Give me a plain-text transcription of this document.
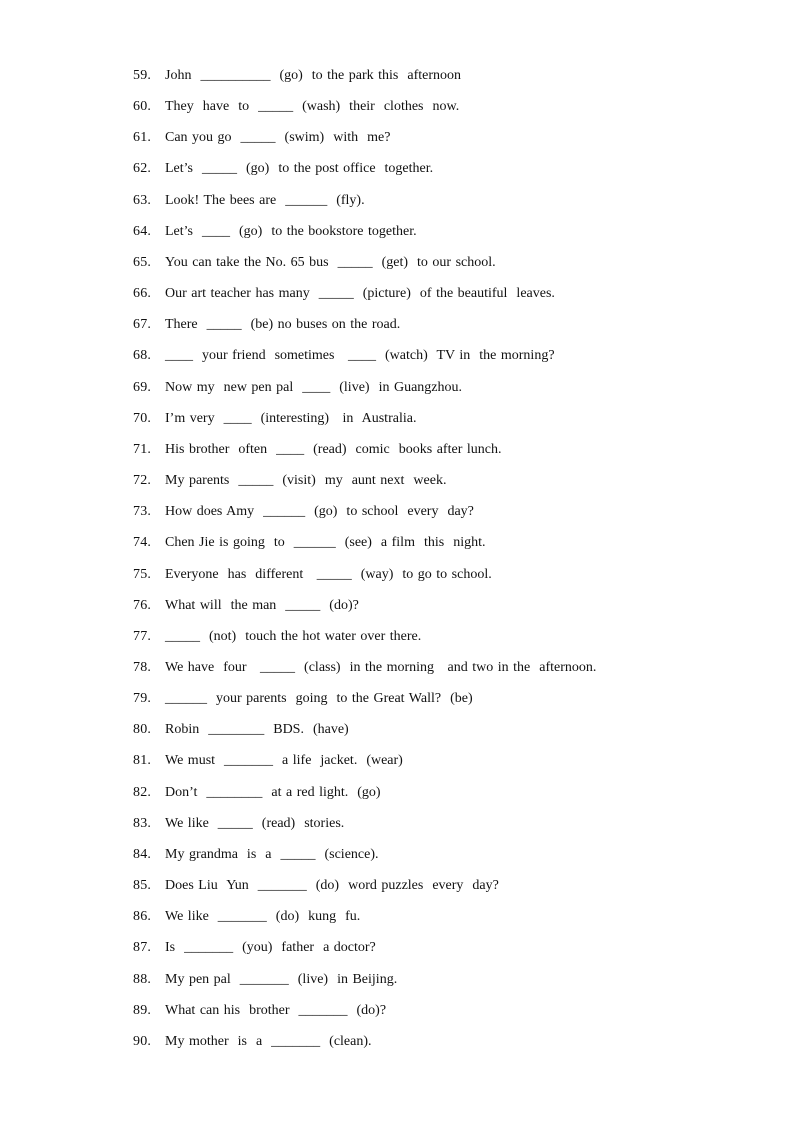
59. John  __________  (go)  to the park this  afternoon
60. They  have  to  _____  (wash)  their  clothes  now.
61. Can you go  _____  (swim)  with  me?
62. Let’s  _____  (go)  to the post office  together.
63. Look! The bees are  ______  (fly).
64. Let’s  ____  (go)  to the bookstore together.
65. You can take the No. 65 bus  _____  (get)  to our school.
66. Our art teacher has many  _____  (picture)  of the beautiful  leaves.
67. There  _____  (be) no buses on the road.
68. ____  your friend  sometimes   ____  (watch)  TV in  the morning?
69. Now my  new pen pal  ____  (live)  in Guangzhou.
70. I’m very  ____  (interesting)   in  Australia.
71. His brother  often  ____  (read)  comic  books after lunch.
72. My parents  _____  (visit)  my  aunt next  week.
73. How does Amy  ______  (go)  to school  every  day?
74. Chen Jie is going  to  ______  (see)  a film  this  night.
75. Everyone  has  different   _____  (way)  to go to school.
76. What will  the man  _____  (do)?
77. _____  (not)  touch the hot water over there.
78. We have  four   _____  (class)  in the morning   and two in the  afternoon.
79. ______  your parents  going  to the Great Wall?  (be)
80. Robin  ________  BDS.  (have)
81. We must  _______  a life  jacket.  (wear)
82. Don’t  ________  at a red light.  (go)
83. We like  _____  (read)  stories.
84. My grandma  is  a  _____  (science).
85. Does Liu  Yun  _______  (do)  word puzzles  every  day?
86. We like  _______  (do)  kung  fu.
87. Is  _______  (you)  father  a doctor?
88. My pen pal  _______  (live)  in Beijing.
89. What can his  brother  _______  (do)?
90. My mother  is  a  _______  (clean).
